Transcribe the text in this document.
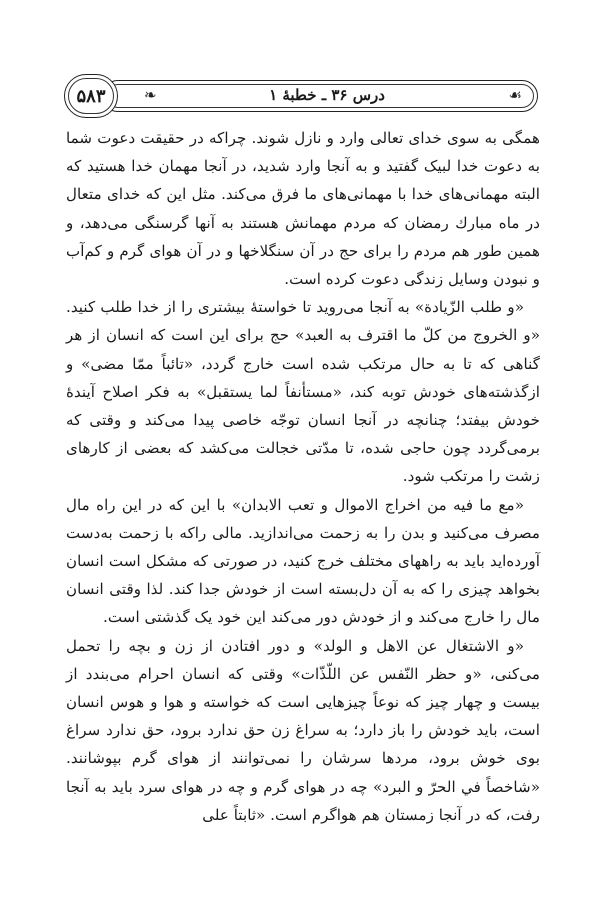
❧	درس ۳۶ ـ خطبهٔ ۱	☙
۵۸۳

همگی به سوی خدای تعالی وارد و نازل شوند. چراکه در حقیقت دعوت شما به دعوت خدا لبیک گفتید و به آنجا وارد شدید، در آنجا مهمان خدا هستید که البته مهمانی‌های خدا با مهمانی‌های ما فرق می‌کند. مثل این که خدای متعال در ماه مبارك رمضان که مردم مهمانش هستند به آنها گرسنگی می‌دهد، و همین طور هم مردم را برای حج در آن سنگلاخها و در آن هوای گرم و کم‌آب و نبودن وسایل زندگی دعوت کرده است.

«و طلب الزّيادة» به آنجا می‌روید تا خواستهٔ بیشتری را از خدا طلب کنید. «و الخروج من كلّ ما اقترف به العبد» حج برای این است که انسان از هر گناهی که تا به حال مرتکب شده است خارج گردد، «تائباً ممّا مضى» و ازگذشته‌های خودش توبه کند، «مستأنفاً لما يستقبل» به فکر اصلاح آیندهٔ خودش بیفتد؛ چنانچه در آنجا انسان توجّه خاصی پیدا می‌کند و وقتی که برمی‌گردد چون حاجی شده، تا مدّتی خجالت می‌کشد که بعضی از کارهای زشت را مرتکب شود.

«مع ما فيه من اخراج الاموال و تعب الابدان» با این که در این راه مال مصرف می‌کنید و بدن را به زحمت می‌اندازید. مالی راکه با زحمت به‌دست آورده‌اید باید به راههای مختلف خرج کنید، در صورتی که مشکل است انسان بخواهد چیزی را که به آن دل‌بسته است از خودش جدا کند. لذا وقتی انسان مال را خارج می‌کند و از خودش دور می‌کند این خود یک گذشتی است.

«و الاشتغال عن الاهل و الولد» و دور افتادن از زن و بچه را تحمل می‌کنی، «و حظر النّفس عن اللّذّات» وقتی که انسان احرام می‌بندد از بیست و چهار چیز که نوعاً چیزهایی است که خواسته و هوا و هوس انسان است، باید خودش را باز دارد؛ به سراغ زن حق ندارد برود، حق ندارد سراغ بوی خوش برود، مردها سرشان را نمی‌توانند از هوای گرم بپوشانند. «شاخصاً في الحرّ و البرد» چه در هوای گرم و چه در هوای سرد باید به آنجا رفت، که در آنجا زمستان هم هواگرم است. «ثابتاً على
